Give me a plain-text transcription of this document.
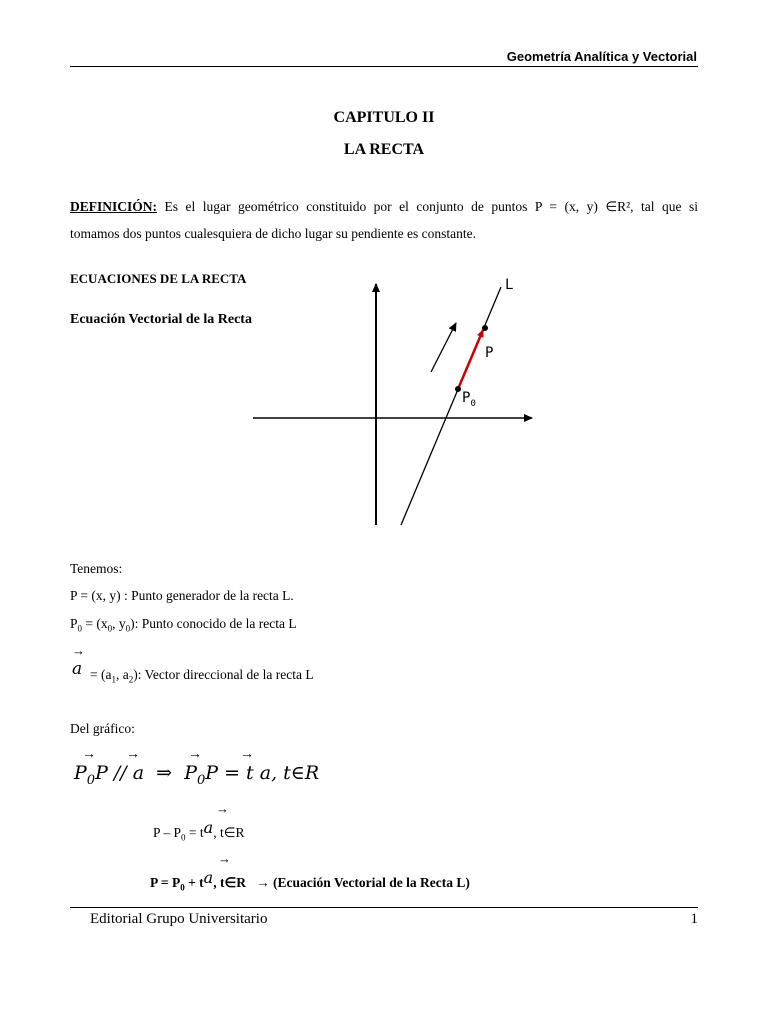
Geometría Analítica y Vectorial
CAPITULO II
LA RECTA
DEFINICIÓN: Es el lugar geométrico constituido por el conjunto de puntos P = (x, y) ∈R², tal que si
tomamos dos puntos cualesquiera de dicho lugar su pendiente es constante.
ECUACIONES DE LA RECTA
Ecuación Vectorial de la Recta
L
P
$P_0$
Tenemos:
P = (x, y) : Punto generador de la recta L.
$P_0 = (x_0$, $y_0$): Punto conocido de la recta L
→
$a = (a_1$, $a_2$): Vector direccional de la recta L
Del gráfico:
→ →	→	→
$P_0P$ // a ⇒ $P_0P = t$ a, t∈R
→
P – $P_0$ = ta, t∈R
→
$P = P_0$ + ta, t∈R → (Ecuación Vectorial de la Recta L)
Editorial Grupo Universitario	1
